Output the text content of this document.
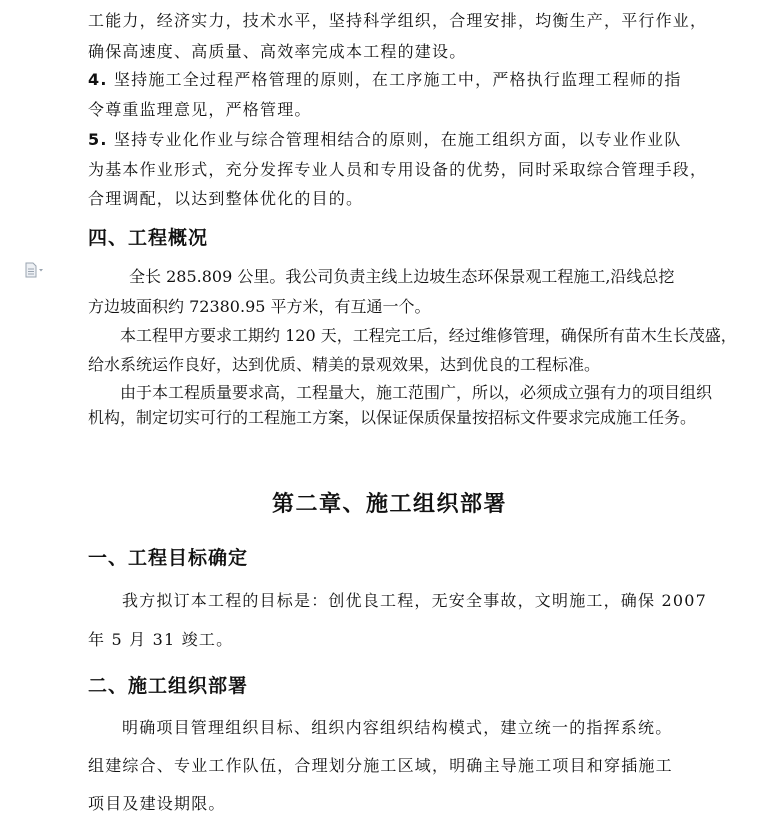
工能力，经济实力，技术水平，坚持科学组织，合理安排，均衡生产，平行作业，
确保高速度、高质量、高效率完成本工程的建设。
4. 坚持施工全过程严格管理的原则，在工序施工中，严格执行监理工程师的指
令尊重监理意见，严格管理。
5. 坚持专业化作业与综合管理相结合的原则，在施工组织方面，以专业作业队
为基本作业形式，充分发挥专业人员和专用设备的优势，同时采取综合管理手段，
合理调配，以达到整体优化的目的。
四、工程概况
全长 285.809 公里。我公司负责主线上边坡生态环保景观工程施工,沿线总挖
方边坡面积约 72380.95 平方米，有互通一个。
本工程甲方要求工期约 120 天，工程完工后，经过维修管理，确保所有苗木生长茂盛，
给水系统运作良好，达到优质、精美的景观效果，达到优良的工程标准。
由于本工程质量要求高，工程量大，施工范围广，所以，必须成立强有力的项目组织
机构，制定切实可行的工程施工方案，以保证保质保量按招标文件要求完成施工任务。
第二章、施工组织部署
一、工程目标确定
我方拟订本工程的目标是：创优良工程，无安全事故，文明施工，确保 2007
年 5 月 31 竣工。
二、施工组织部署
明确项目管理组织目标、组织内容组织结构模式，建立统一的指挥系统。
组建综合、专业工作队伍，合理划分施工区域，明确主导施工项目和穿插施工
项目及建设期限。
